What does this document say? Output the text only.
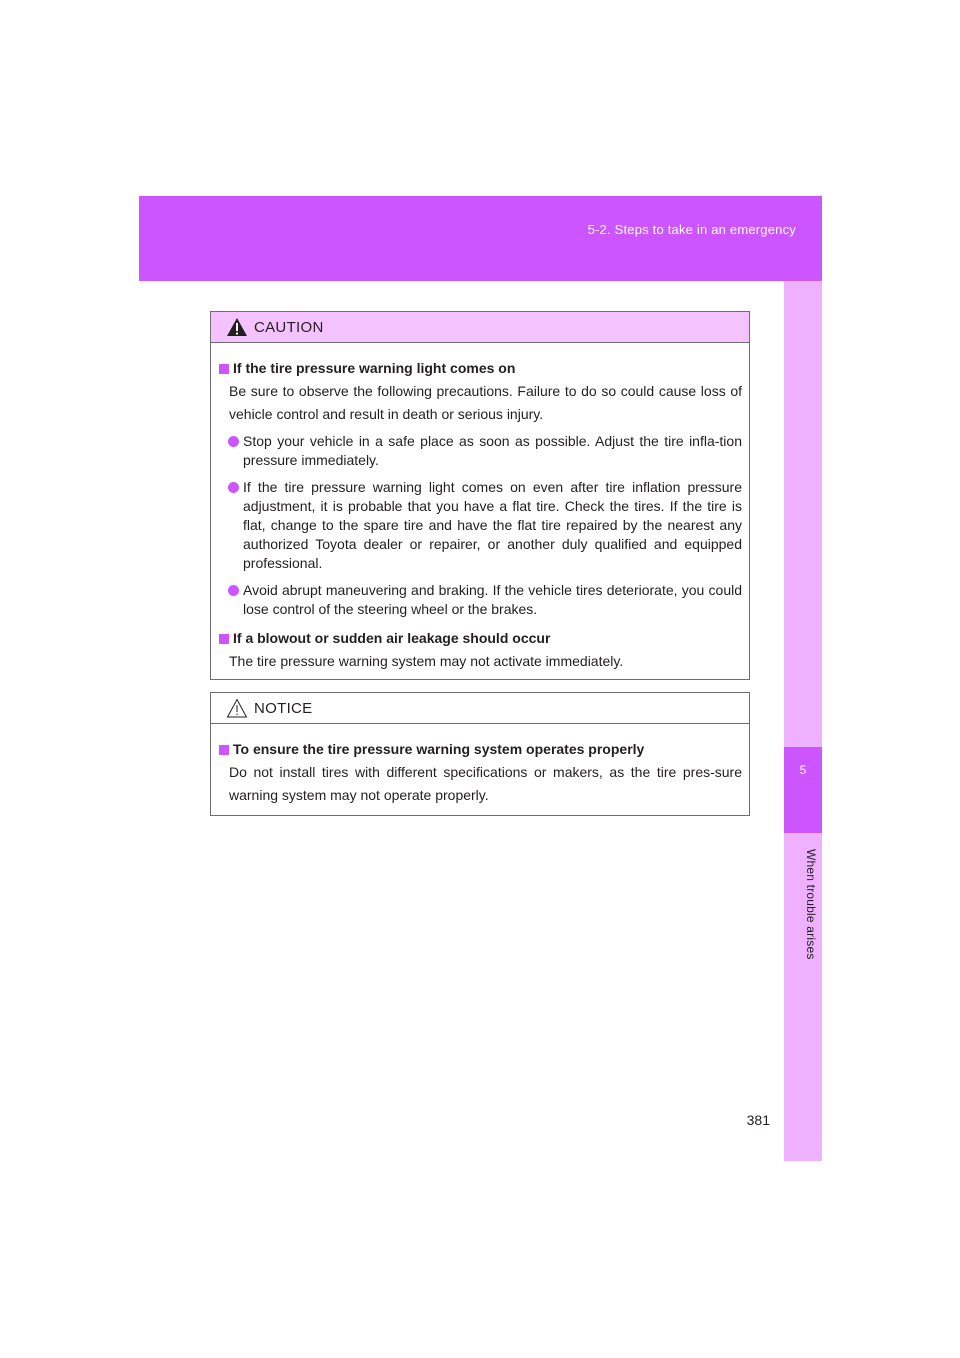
5-2. Steps to take in an emergency
5
When trouble arises
CAUTION
If the tire pressure warning light comes on

Be sure to observe the following precautions. Failure to do so could cause loss of vehicle control and result in death or serious injury.

Stop your vehicle in a safe place as soon as possible. Adjust the tire infla-tion pressure immediately.
If the tire pressure warning light comes on even after tire inflation pressure adjustment, it is probable that you have a flat tire. Check the tires. If the tire is flat, change to the spare tire and have the flat tire repaired by the nearest any authorized Toyota dealer or repairer, or another duly qualified and equipped professional.
Avoid abrupt maneuvering and braking. If the vehicle tires deteriorate, you could lose control of the steering wheel or the brakes.
If a blowout or sudden air leakage should occur

The tire pressure warning system may not activate immediately.

NOTICE
To ensure the tire pressure warning system operates properly

Do not install tires with different specifications or makers, as the tire pres-sure warning system may not operate properly.

381
